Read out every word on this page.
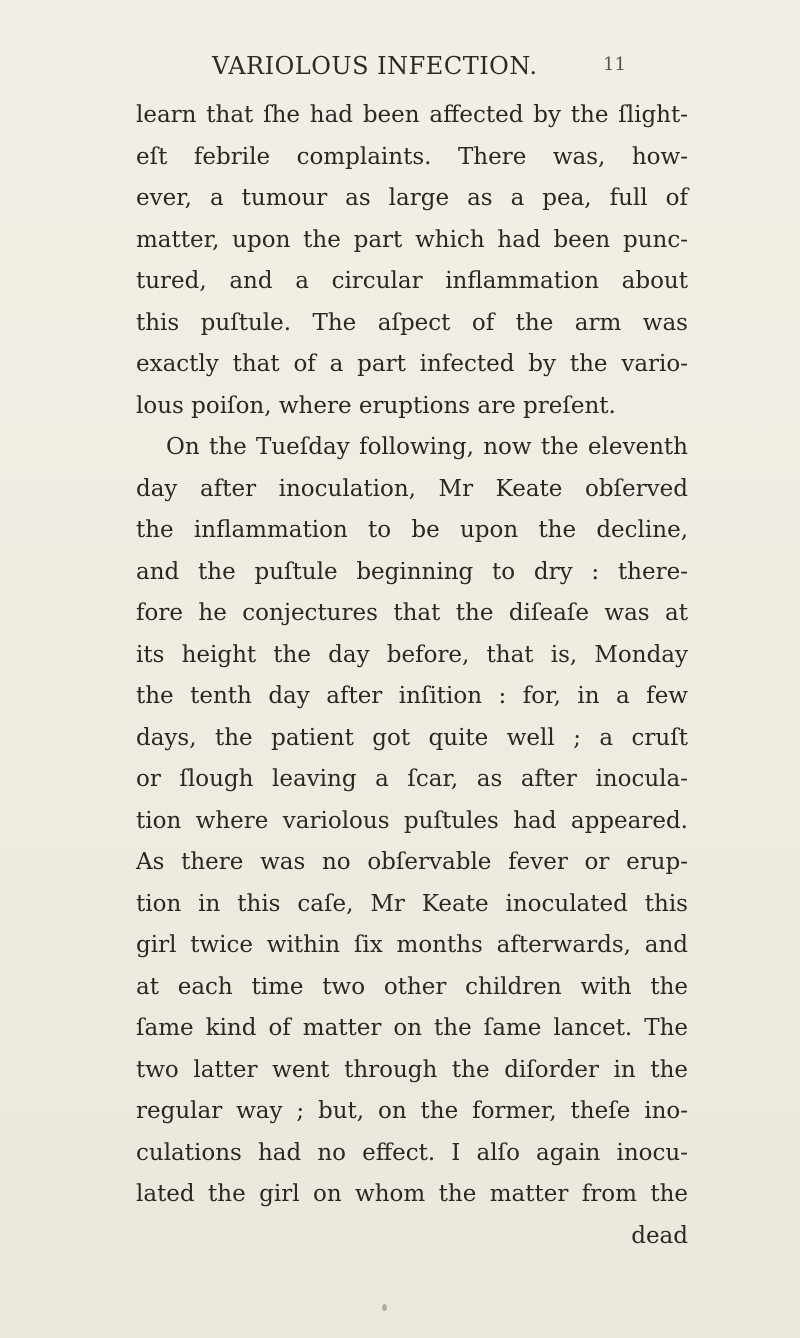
VARIOLOUS INFECTION.	11
learn that ſhe had been affected by the ſlight-
eſt febrile complaints. There was, how-
ever, a tumour as large as a pea, full of
matter, upon the part which had been punc-
tured, and a circular inflammation about
this puſtule. The aſpect of the arm was
exactly that of a part infected by the vario-
lous poiſon, where eruptions are preſent.
On the Tueſday following, now the eleventh
day after inoculation, Mr Keate obſerved
the inflammation to be upon the decline,
and the puſtule beginning to dry : there-
fore he conjectures that the diſeaſe was at
its height the day before, that is, Monday
the tenth day after inſition : for, in a few
days, the patient got quite well ; a cruſt
or ſlough leaving a ſcar, as after inocula-
tion where variolous puſtules had appeared.
As there was no obſervable fever or erup-
tion in this caſe, Mr Keate inoculated this
girl twice within ſix months afterwards, and
at each time two other children with the
ſame kind of matter on the ſame lancet. The
two latter went through the diſorder in the
regular way ; but, on the former, theſe ino-
culations had no effect. I alſo again inocu-
lated the girl on whom the matter from the
dead
